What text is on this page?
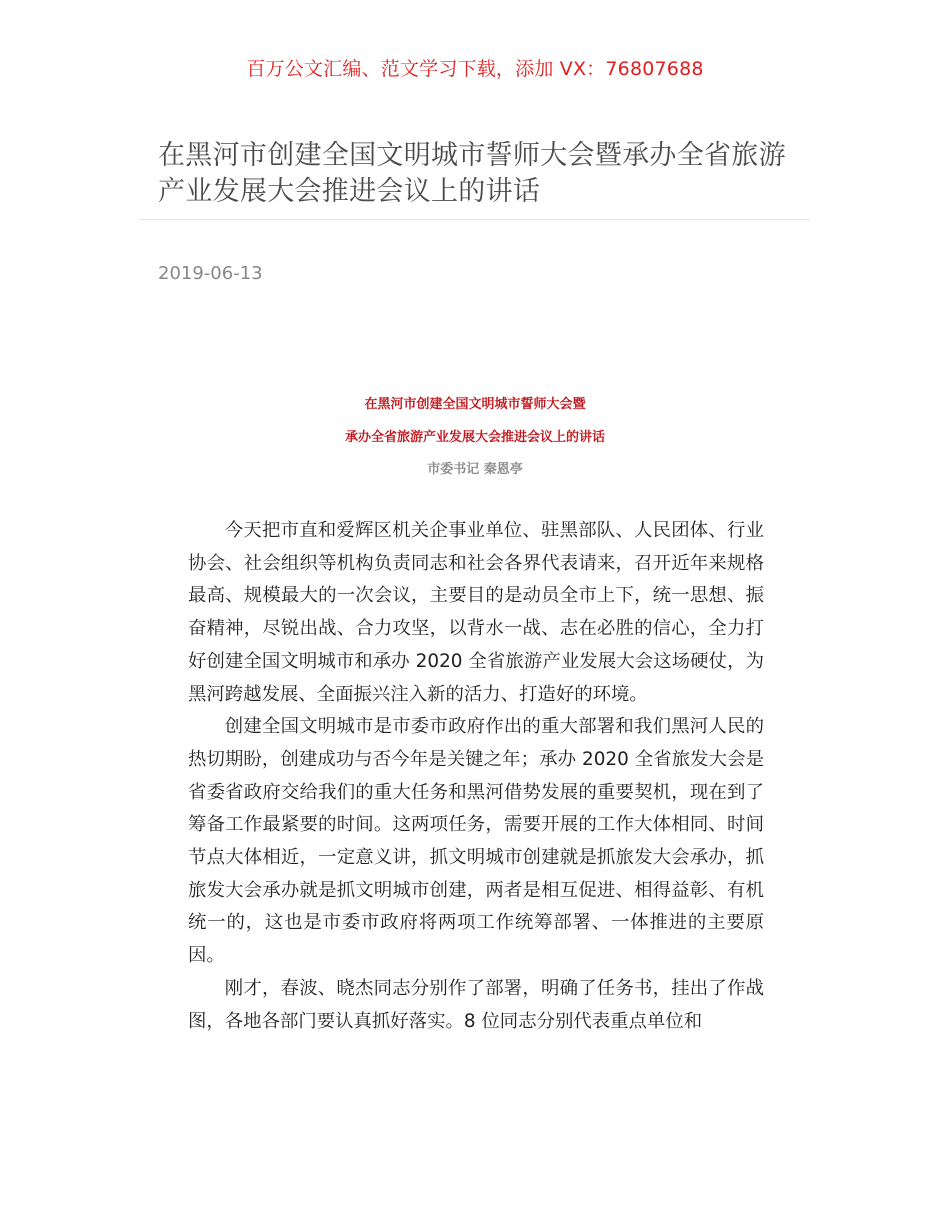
百万公文汇编、范文学习下载，添加 VX：76807688
在黑河市创建全国文明城市誓师大会暨承办全省旅游产业发展大会推进会议上的讲话
2019-06-13
在黑河市创建全国文明城市誓师大会暨
承办全省旅游产业发展大会推进会议上的讲话
市委书记 秦恩亭

今天把市直和爱辉区机关企事业单位、驻黑部队、人民团体、行业协会、社会组织等机构负责同志和社会各界代表请来，召开近年来规格最高、规模最大的一次会议，主要目的是动员全市上下，统一思想、振奋精神，尽锐出战、合力攻坚，以背水一战、志在必胜的信心，全力打好创建全国文明城市和承办 2020 全省旅游产业发展大会这场硬仗，为黑河跨越发展、全面振兴注入新的活力、打造好的环境。

创建全国文明城市是市委市政府作出的重大部署和我们黑河人民的热切期盼，创建成功与否今年是关键之年；承办 2020 全省旅发大会是省委省政府交给我们的重大任务和黑河借势发展的重要契机，现在到了筹备工作最紧要的时间。这两项任务，需要开展的工作大体相同、时间节点大体相近，一定意义讲，抓文明城市创建就是抓旅发大会承办，抓旅发大会承办就是抓文明城市创建，两者是相互促进、相得益彰、有机统一的，这也是市委市政府将两项工作统筹部署、一体推进的主要原因。

刚才，春波、晓杰同志分别作了部署，明确了任务书，挂出了作战图，各地各部门要认真抓好落实。8 位同志分别代表重点单位和
